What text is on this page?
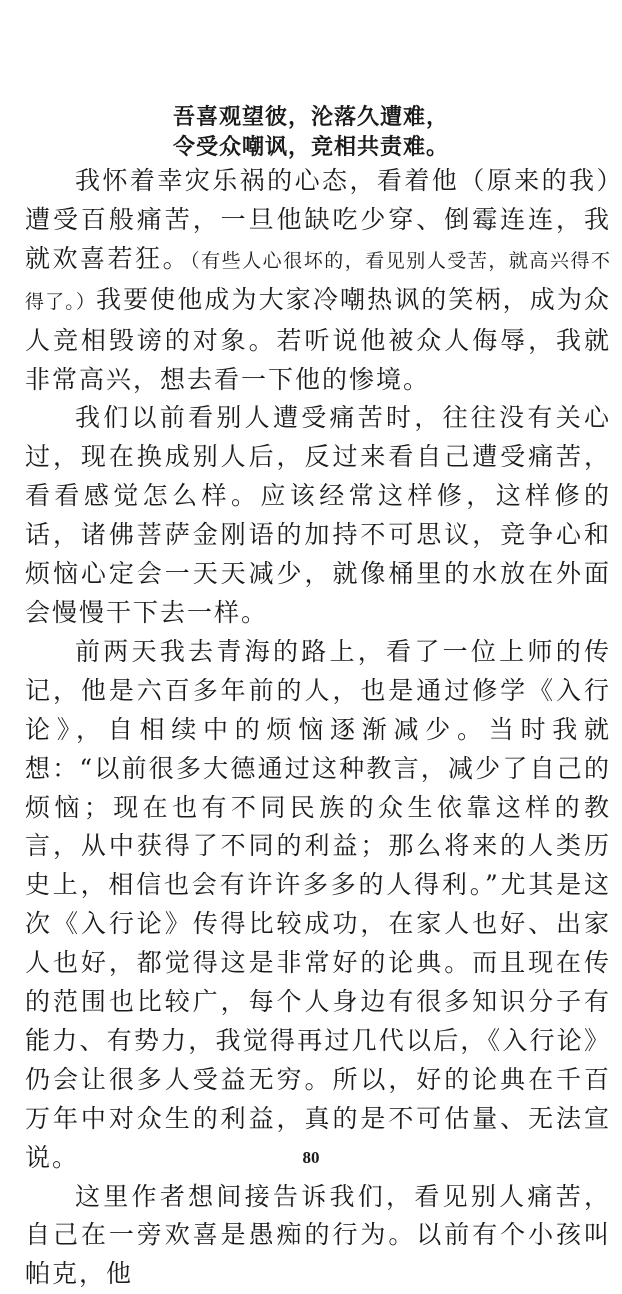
吾喜观望彼，沦落久遭难，
令受众嘲讽，竞相共责难。

我怀着幸灾乐祸的心态，看着他（原来的我）遭受百般痛苦，一旦他缺吃少穿、倒霉连连，我就欢喜若狂。（有些人心很坏的，看见别人受苦，就高兴得不得了。）我要使他成为大家冷嘲热讽的笑柄，成为众人竞相毁谤的对象。若听说他被众人侮辱，我就非常高兴，想去看一下他的惨境。

我们以前看别人遭受痛苦时，往往没有关心过，现在换成别人后，反过来看自己遭受痛苦，看看感觉怎么样。应该经常这样修，这样修的话，诸佛菩萨金刚语的加持不可思议，竞争心和烦恼心定会一天天减少，就像桶里的水放在外面会慢慢干下去一样。

前两天我去青海的路上，看了一位上师的传记，他是六百多年前的人，也是通过修学《入行论》，自相续中的烦恼逐渐减少。当时我就想：“以前很多大德通过这种教言，减少了自己的烦恼；现在也有不同民族的众生依靠这样的教言，从中获得了不同的利益；那么将来的人类历史上，相信也会有许许多多的人得利。”尤其是这次《入行论》传得比较成功，在家人也好、出家人也好，都觉得这是非常好的论典。而且现在传的范围也比较广，每个人身边有很多知识分子有能力、有势力，我觉得再过几代以后，《入行论》仍会让很多人受益无穷。所以，好的论典在千百万年中对众生的利益，真的是不可估量、无法宣说。

这里作者想间接告诉我们，看见别人痛苦，自己在一旁欢喜是愚痴的行为。以前有个小孩叫帕克，他

80
